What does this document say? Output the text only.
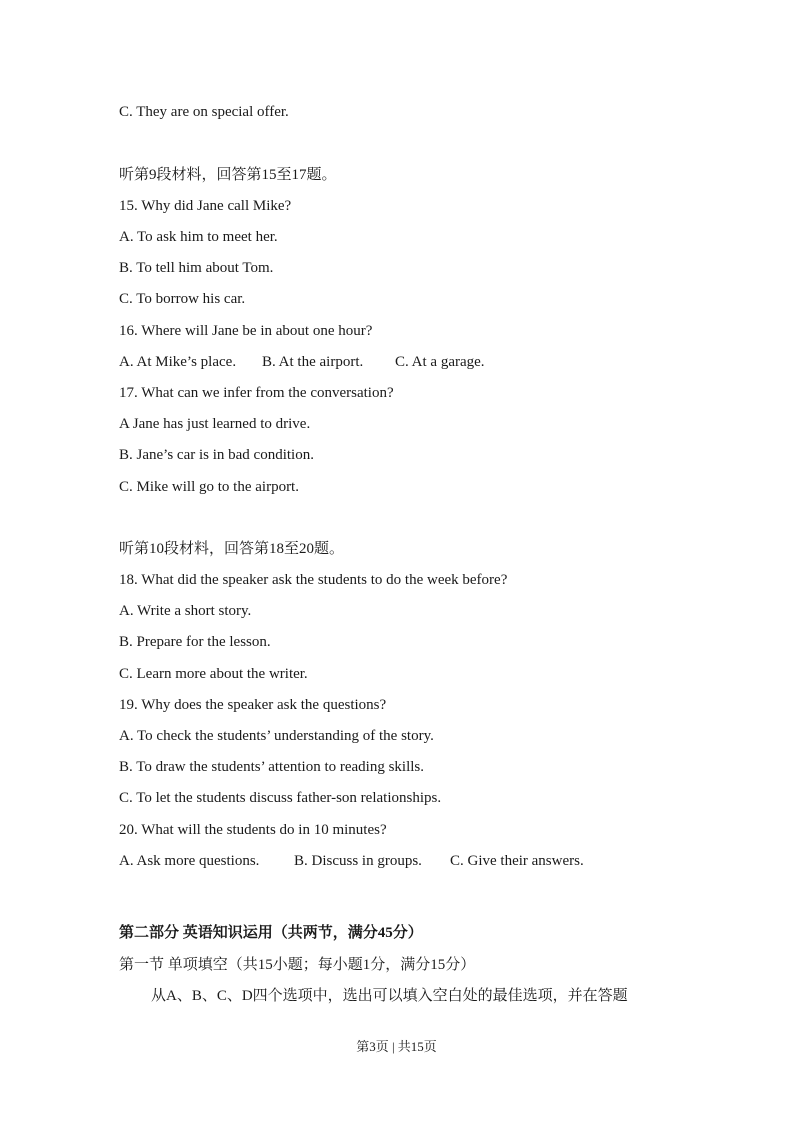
C. They are on special offer.
听第9段材料，回答第15至17题。
15. Why did Jane call Mike?
A. To ask him to meet her.
B. To tell him about Tom.
C. To borrow his car.
16. Where will Jane be in about one hour?
A. At Mike’s place. B. At the airport. C. At a garage.
17. What can we infer from the conversation?
A Jane has just learned to drive.
B. Jane’s car is in bad condition.
C. Mike will go to the airport.
听第10段材料，回答第18至20题。
18. What did the speaker ask the students to do the week before?
A. Write a short story.
B. Prepare for the lesson.
C. Learn more about the writer.
19. Why does the speaker ask the questions?
A. To check the students’ understanding of the story.
B. To draw the students’ attention to reading skills.
C. To let the students discuss father-son relationships.
20. What will the students do in 10 minutes?
A. Ask more questions. B. Discuss in groups. C. Give their answers.
第二部分 英语知识运用（共两节，满分45分）
第一节 单项填空（共15小题；每小题1分，满分15分）
从A、B、C、D四个选项中，选出可以填入空白处的最佳选项，并在答题
第3页 | 共15页
